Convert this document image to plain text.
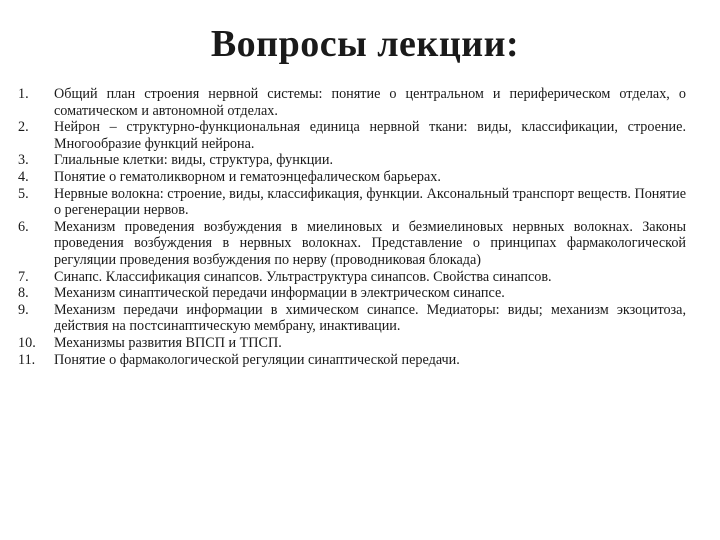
Вопросы лекции:
1.	Общий план строения нервной системы: понятие о центральном и периферическом отделах, о соматическом и автономной отделах.
2.	Нейрон – структурно-функциональная единица нервной ткани: виды, классификации, строение. Многообразие функций нейрона.
3.	Глиальные клетки: виды, структура, функции.
4.	Понятие о гематоликворном и гематоэнцефалическом барьерах.
5.	Нервные волокна: строение, виды, классификация, функции. Аксональный транспорт веществ. Понятие о регенерации нервов.
6.	Механизм проведения возбуждения в миелиновых и безмиелиновых нервных волокнах. Законы проведения возбуждения в нервных волокнах. Представление о принципах фармакологической регуляции проведения возбуждения по нерву (проводниковая блокада)
7.	Синапс. Классификация синапсов. Ультраструктура синапсов. Свойства синапсов.
8.	Механизм синаптической передачи информации в электрическом синапсе.
9.	Механизм передачи информации в химическом синапсе. Медиаторы: виды; механизм экзоцитоза, действия на постсинаптическую мембрану, инактивации.
10.	Механизмы развития ВПСП и ТПСП.
11.	Понятие о фармакологической регуляции синаптической передачи.
